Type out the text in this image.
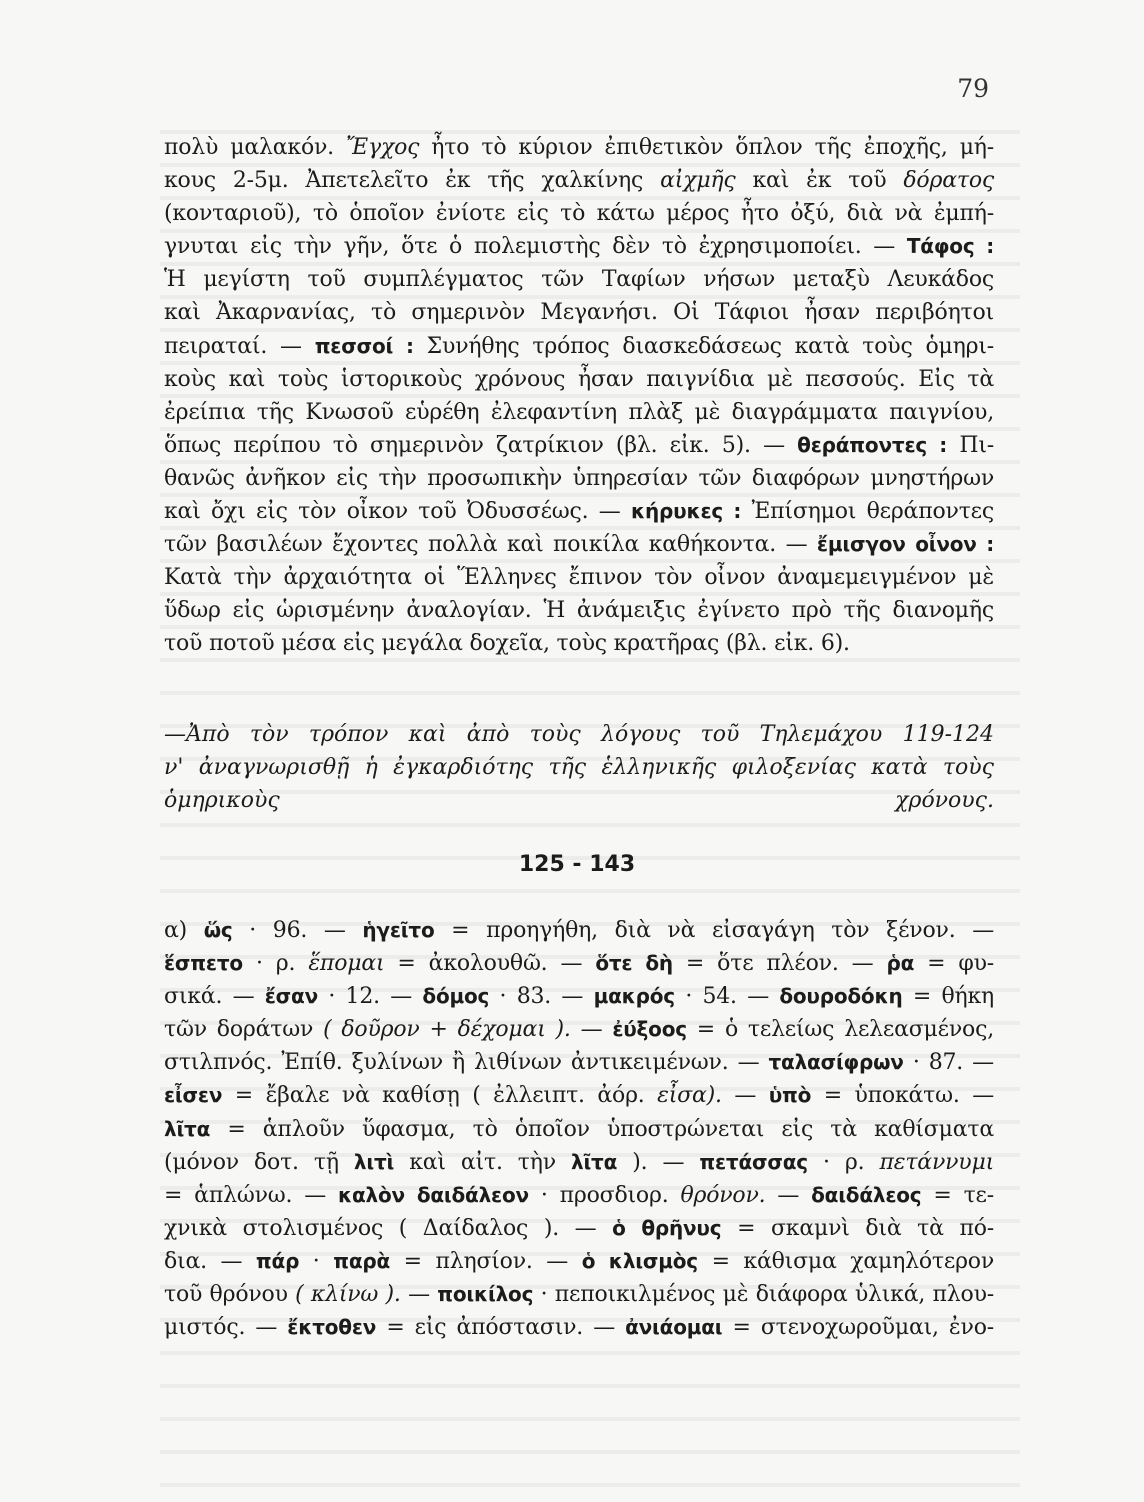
79
πολὺ μαλακόν. Ἔγχος ἦτο τὸ κύριον ἐπιθετικὸν ὅπλον τῆς ἐποχῆς, μή-
κους 2-5μ. Ἀπετελεῖτο ἐκ τῆς χαλκίνης αἰχμῆς καὶ ἐκ τοῦ δόρατος
(κονταριοῦ), τὸ ὁποῖον ἐνίοτε εἰς τὸ κάτω μέρος ἦτο ὀξύ, διὰ νὰ ἐμπή-
γνυται εἰς τὴν γῆν, ὅτε ὁ πολεμιστὴς δὲν τὸ ἐχρησιμοποίει. — Τάφος :
Ἡ μεγίστη τοῦ συμπλέγματος τῶν Ταφίων νήσων μεταξὺ Λευκάδος
καὶ Ἀκαρνανίας, τὸ σημερινὸν Μεγανήσι. Οἱ Τάφιοι ἦσαν περιβόητοι
πειραταί. — πεσσοί : Συνήθης τρόπος διασκεδάσεως κατὰ τοὺς ὁμηρι-
κοὺς καὶ τοὺς ἱστορικοὺς χρόνους ἦσαν παιγνίδια μὲ πεσσούς. Εἰς τὰ
ἐρείπια τῆς Κνωσοῦ εὑρέθη ἐλεφαντίνη πλὰξ μὲ διαγράμματα παιγνίου,
ὅπως περίπου τὸ σημερινὸν ζατρίκιον (βλ. εἰκ. 5). — θεράποντες : Πι-
θανῶς ἀνῆκον εἰς τὴν προσωπικὴν ὑπηρεσίαν τῶν διαφόρων μνηστήρων
καὶ ὄχι εἰς τὸν οἶκον τοῦ Ὀδυσσέως. — κήρυκες : Ἐπίσημοι θεράποντες
τῶν βασιλέων ἔχοντες πολλὰ καὶ ποικίλα καθήκοντα. — ἔμισγον οἶνον :
Κατὰ τὴν ἀρχαιότητα οἱ Ἕλληνες ἔπινον τὸν οἶνον ἀναμεμειγμένον μὲ
ὕδωρ εἰς ὡρισμένην ἀναλογίαν. Ἡ ἀνάμειξις ἐγίνετο πρὸ τῆς διανομῆς
τοῦ ποτοῦ μέσα εἰς μεγάλα δοχεῖα, τοὺς κρατῆρας (βλ. εἰκ. 6).
—Ἀπὸ τὸν τρόπον καὶ ἀπὸ τοὺς λόγους τοῦ Τηλεμάχου 119-124
ν' ἀναγνωρισθῇ ἡ ἐγκαρδιότης τῆς ἑλληνικῆς φιλοξενίας κατὰ τοὺς
ὁμηρικοὺς χρόνους.
125 - 143
α) ὥς · 96. — ἡγεῖτο = προηγήθη, διὰ νὰ εἰσαγάγη τὸν ξένον. —
ἕσπετο · ρ. ἕπομαι = ἀκολουθῶ. — ὅτε δὴ = ὅτε πλέον. — ῥα = φυ-
σικά. — ἔσαν · 12. — δόμος · 83. — μακρός · 54. — δουροδόκη = θήκη
τῶν δοράτων ( δοῦρον + δέχομαι ). — ἐύξοος = ὁ τελείως λελεασμένος,
στιλπνός. Ἐπίθ. ξυλίνων ἢ λιθίνων ἀντικειμένων. — ταλασίφρων · 87. —
εἶσεν = ἔβαλε νὰ καθίσῃ ( ἐλλειπτ. ἀόρ. εἶσα). — ὑπὸ = ὑποκάτω. —
λῖτα = ἁπλοῦν ὕφασμα, τὸ ὁποῖον ὑποστρώνεται εἰς τὰ καθίσματα
(μόνον δοτ. τῇ λιτὶ καὶ αἰτ. τὴν λῖτα ). — πετάσσας · ρ. πετάννυμι
= ἁπλώνω. — καλὸν δαιδάλεον · προσδιορ. θρόνον. — δαιδάλεος = τε-
χνικὰ στολισμένος ( Δαίδαλος ). — ὁ θρῆνυς = σκαμνὶ διὰ τὰ πό-
δια. — πάρ · παρὰ = πλησίον. — ὁ κλισμὸς = κάθισμα χαμηλότερον
τοῦ θρόνου ( κλίνω ). — ποικίλος · πεποικιλμένος μὲ διάφορα ὑλικά, πλου-
μιστός. — ἔκτοθεν = εἰς ἀπόστασιν. — ἀνιάομαι = στενοχωροῦμαι, ἐνο-
